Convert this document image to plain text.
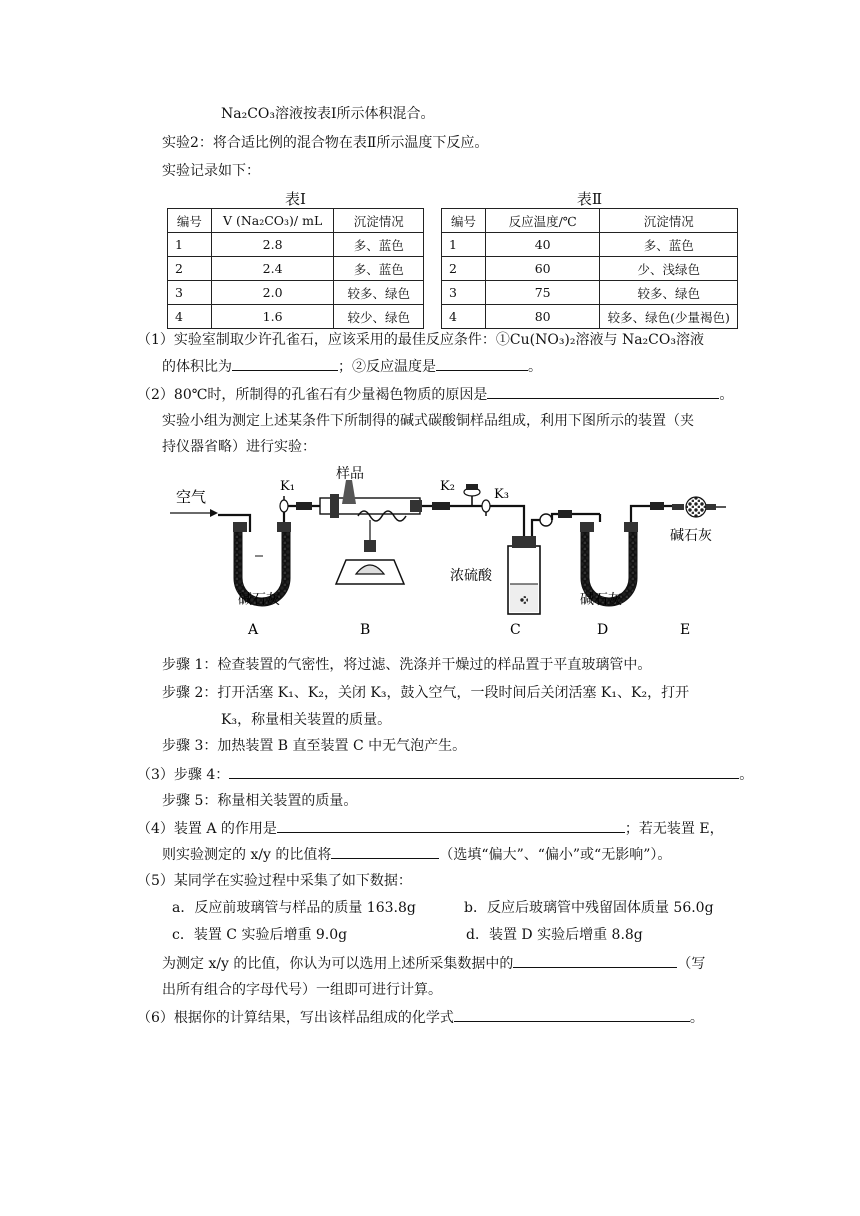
Na₂CO₃溶液按表Ⅰ所示体积混合。
实验2：将合适比例的混合物在表Ⅱ所示温度下反应。
实验记录如下：
表Ⅰ	表Ⅱ
编号	V (Na₂CO₃)/ mL	沉淀情况
1	2.8	多、蓝色
2	2.4	多、蓝色
3	2.0	较多、绿色
4	1.6	较少、绿色
编号	反应温度/℃	沉淀情况
1	40	多、蓝色
2	60	少、浅绿色
3	75	较多、绿色
4	80	较多、绿色(少量褐色)
（1）实验室制取少许孔雀石，应该采用的最佳反应条件：①Cu(NO₃)₂溶液与 Na₂CO₃溶液
的体积比为	；②反应温度是	。
（2）80℃时，所制得的孔雀石有少量褐色物质的原因是	。
实验小组为测定上述某条件下所制得的碱式碳酸铜样品组成，利用下图所示的装置（夹
持仪器省略）进行实验：
空气
碱石灰
K₁
样品
K₂
K₃
浓硫酸
碱石灰
碱石灰
A	B	C	D	E
步骤 1：检查装置的气密性，将过滤、洗涤并干燥过的样品置于平直玻璃管中。
步骤 2：打开活塞 K₁、K₂，关闭 K₃，鼓入空气，一段时间后关闭活塞 K₁、K₂，打开
K₃，称量相关装置的质量。
步骤 3：加热装置 B 直至装置 C 中无气泡产生。
（3）步骤 4：	。
步骤 5：称量相关装置的质量。
（4）装置 A 的作用是	；若无装置 E，
则实验测定的 x/y 的比值将	（选填“偏大”、“偏小”或“无影响”）。
（5）某同学在实验过程中采集了如下数据：
a．反应前玻璃管与样品的质量 163.8g	b．反应后玻璃管中残留固体质量 56.0g
c．装置 C 实验后增重 9.0g	d．装置 D 实验后增重 8.8g
为测定 x/y 的比值，你认为可以选用上述所采集数据中的	（写
出所有组合的字母代号）一组即可进行计算。
（6）根据你的计算结果，写出该样品组成的化学式	。
